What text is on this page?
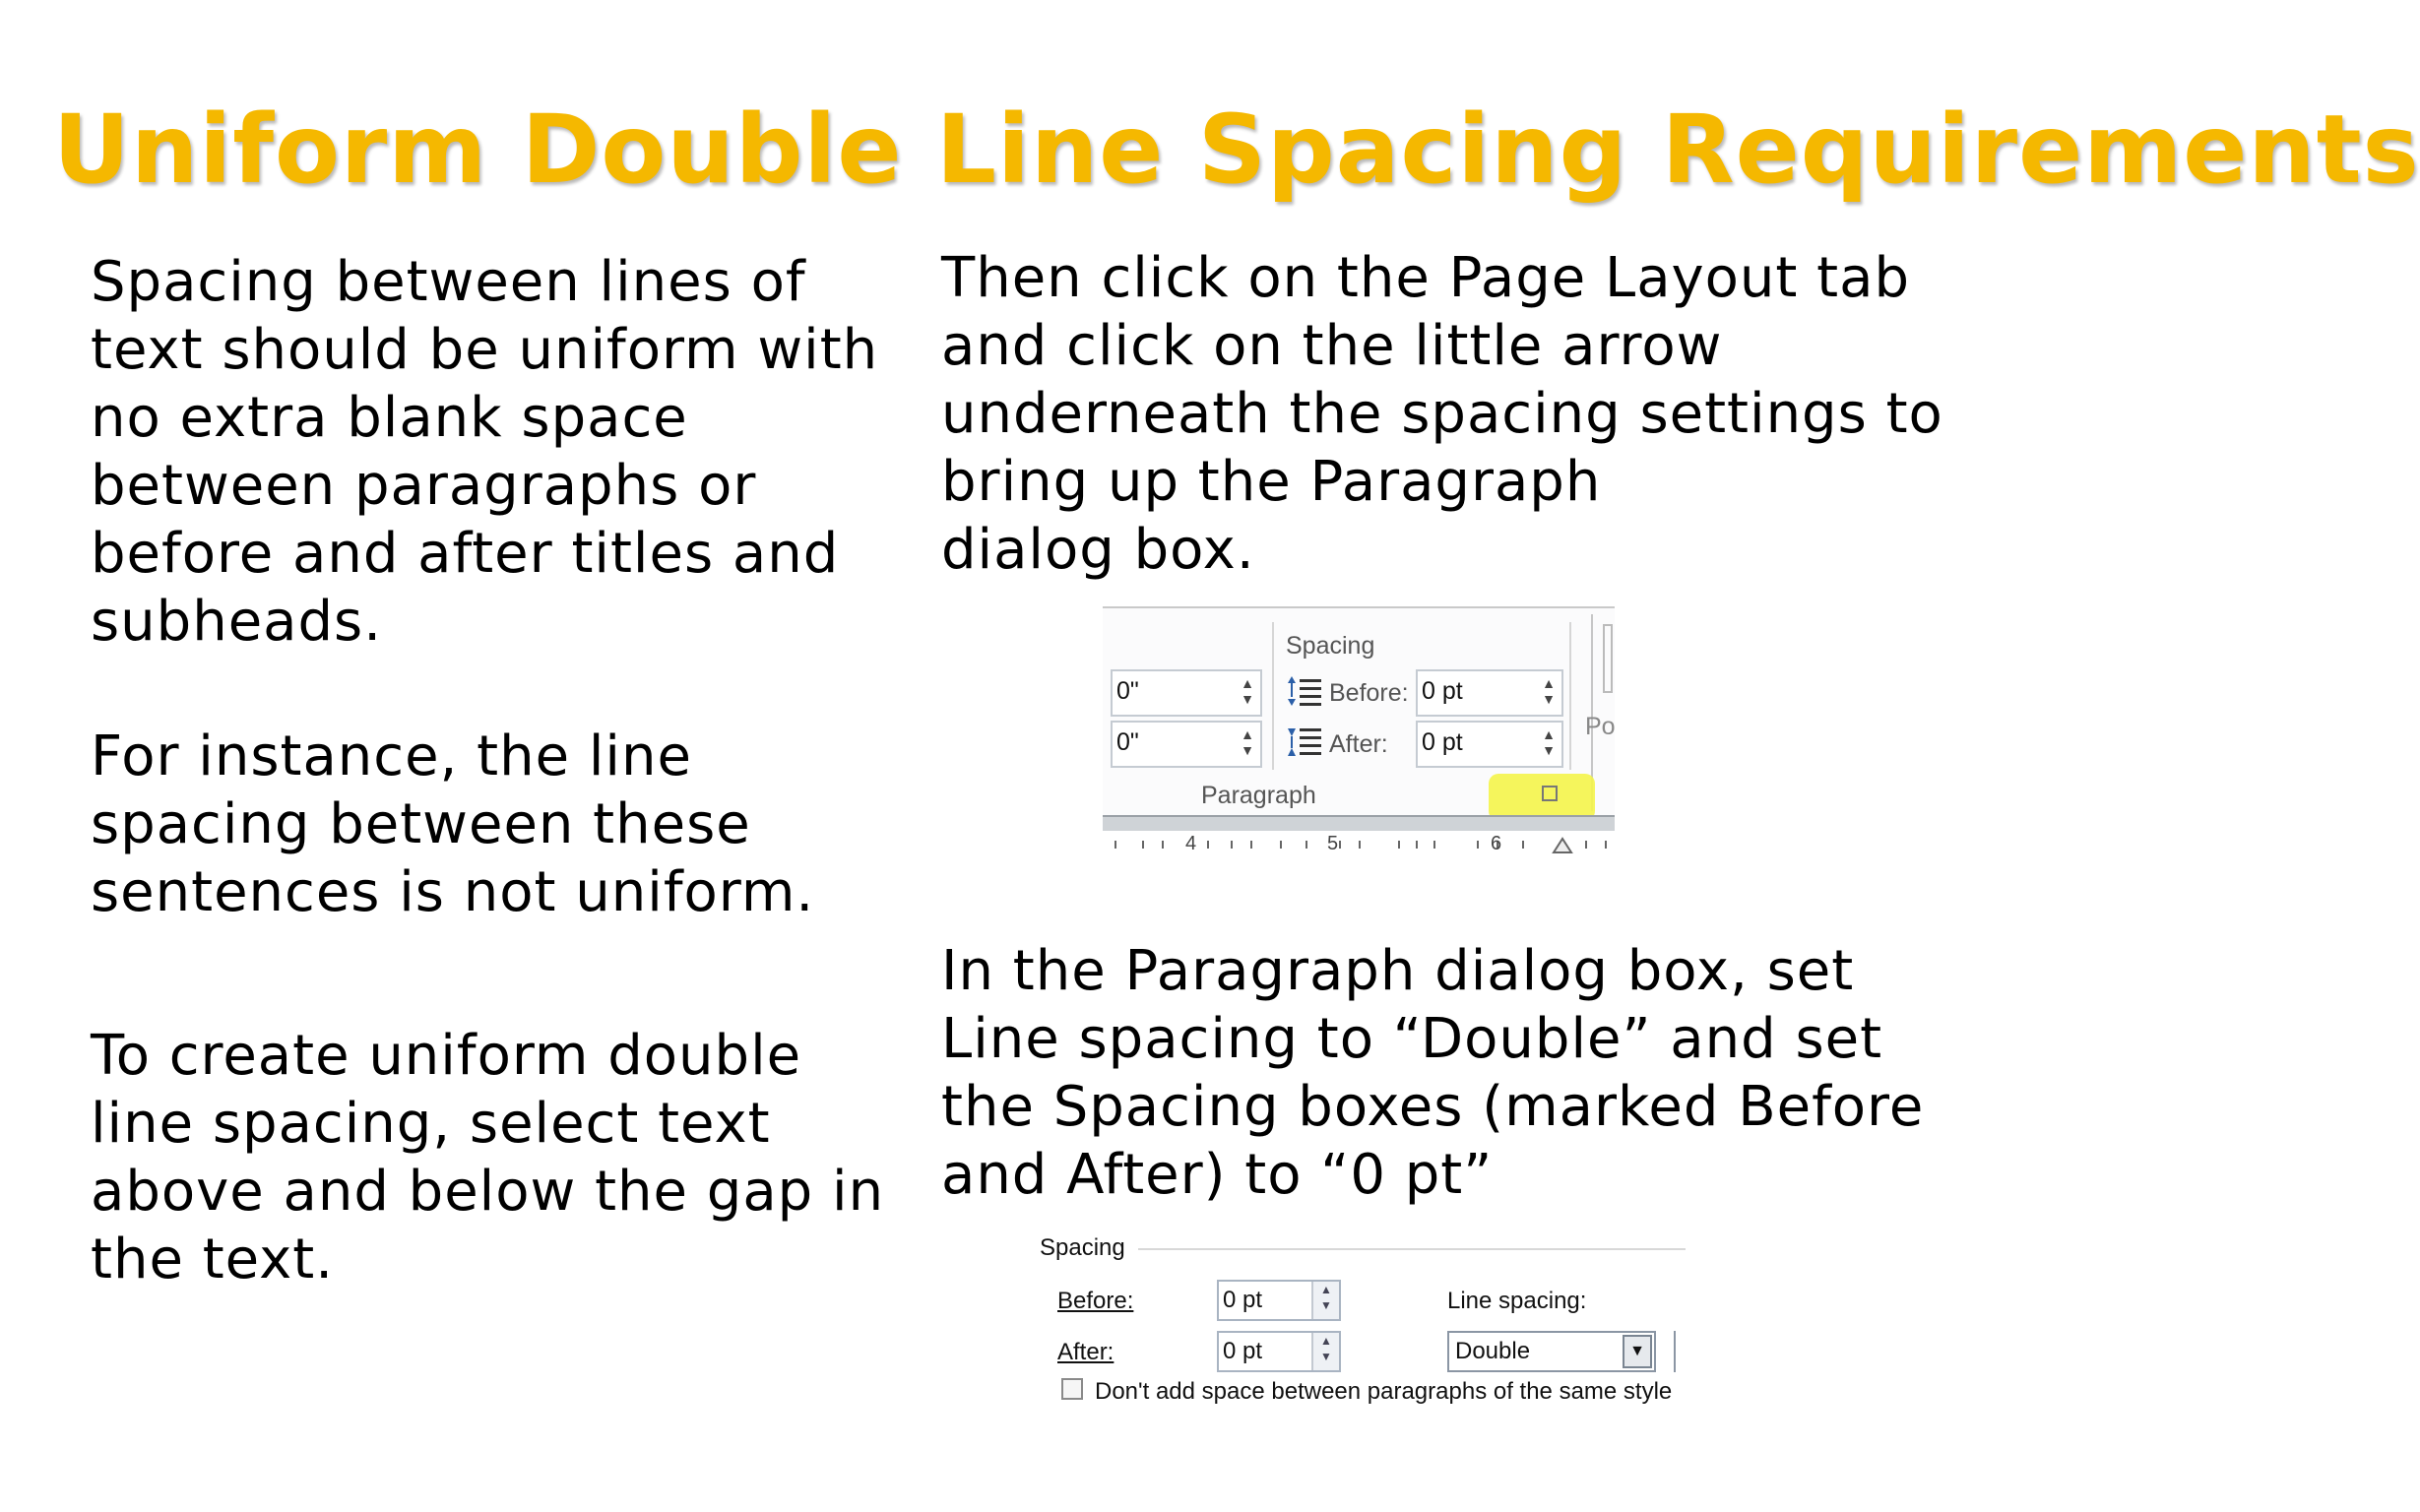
Uniform Double Line Spacing Requirements
Spacing between lines of
text should be uniform with
no extra blank space
between paragraphs or
before and after titles and
subheads.
For instance, the line
spacing between these
sentences is not uniform.
To create uniform double
line spacing, select text
above and below the gap in
the text.
Then click on the Page Layout tab
and click on the little arrow
underneath the spacing settings to
bring up the Paragraph
dialog box.
In the Paragraph dialog box, set
Line spacing to “Double” and set
the Spacing boxes (marked Before
and After) to “0 pt”
Spacing
0"	▲
▼
0"	▲
▼
Before: 0 pt	▲
▼
After: 0 pt	▲
▼
Po
Paragraph
4	5	6
Spacing
Before:	0 pt	▲
▼
After:	0 pt	▲
▼
Line spacing:
Double	▼
Don't add space between paragraphs of the same style
